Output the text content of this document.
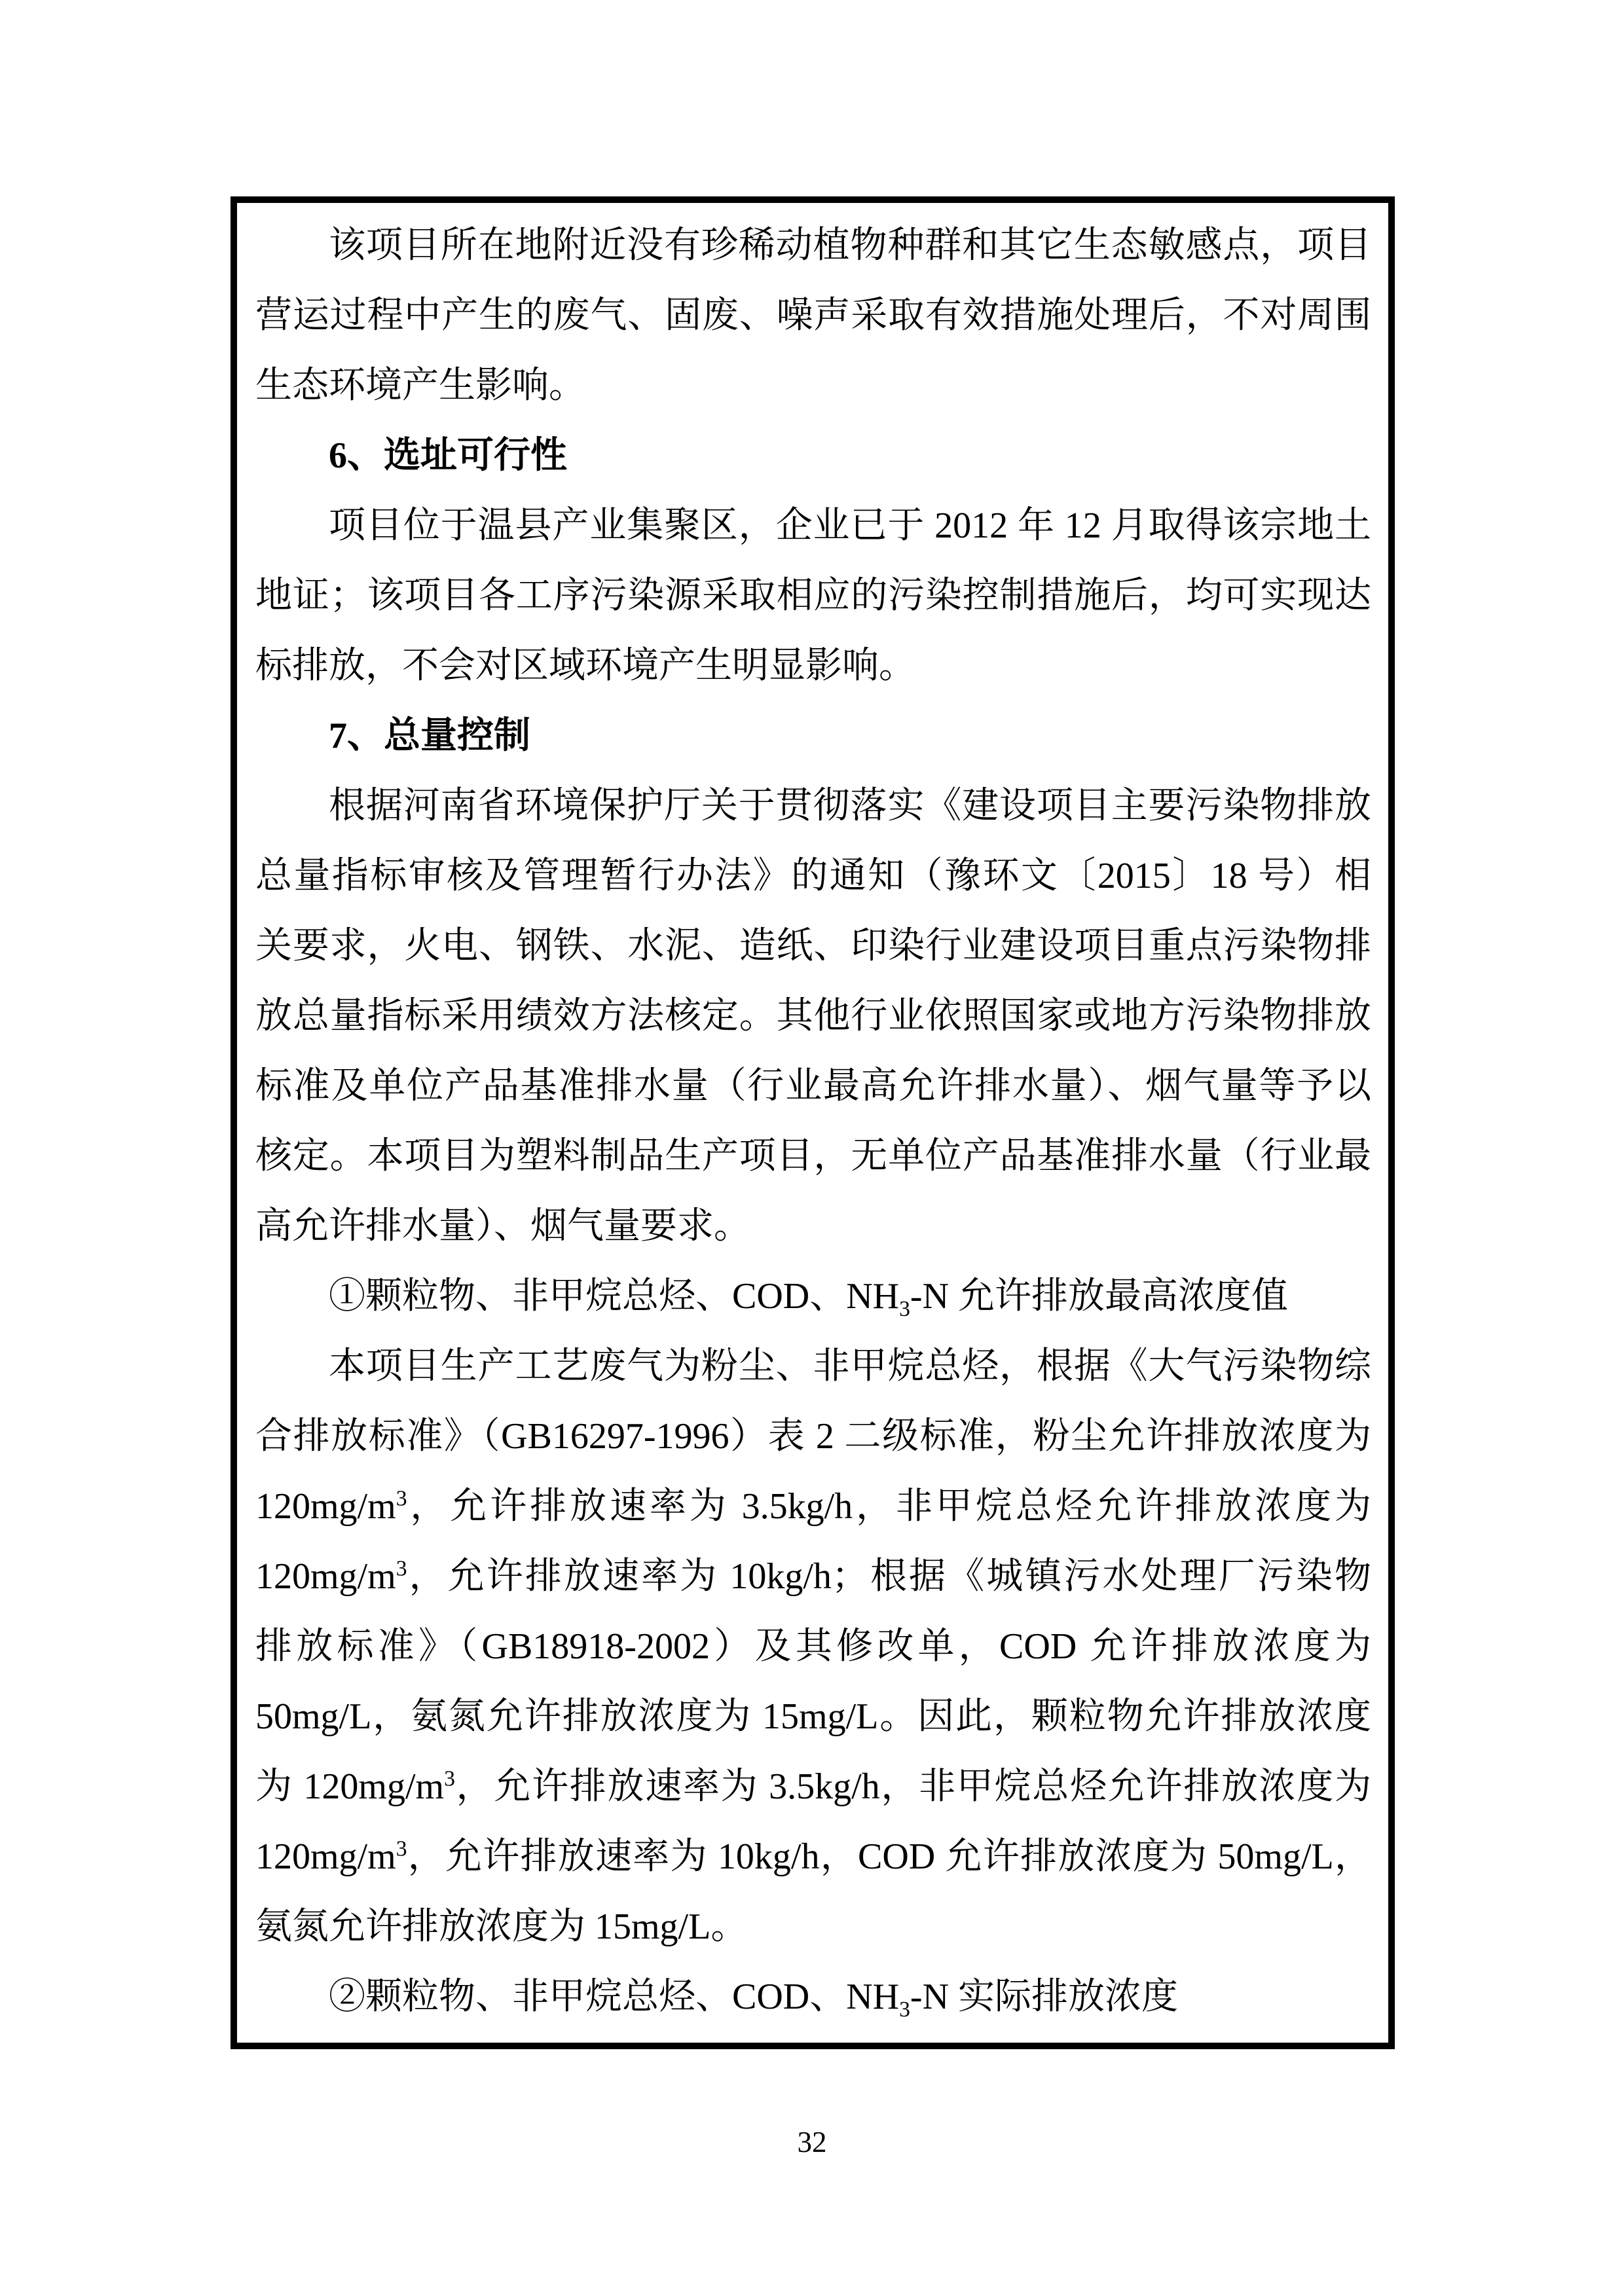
该项目所在地附近没有珍稀动植物种群和其它生态敏感点，项目
营运过程中产生的废气、固废、噪声采取有效措施处理后，不对周围
生态环境产生影响。
6、选址可行性
项目位于温县产业集聚区，企业已于 2012 年 12 月取得该宗地土
地证；该项目各工序污染源采取相应的污染控制措施后，均可实现达
标排放，不会对区域环境产生明显影响。
7、总量控制
根据河南省环境保护厅关于贯彻落实《建设项目主要污染物排放
总量指标审核及管理暂行办法》的通知（豫环文〔2015〕18 号）相
关要求，火电、钢铁、水泥、造纸、印染行业建设项目重点污染物排
放总量指标采用绩效方法核定。其他行业依照国家或地方污染物排放
标准及单位产品基准排水量（行业最高允许排水量）、烟气量等予以
核定。本项目为塑料制品生产项目，无单位产品基准排水量（行业最
高允许排水量）、烟气量要求。
①颗粒物、非甲烷总烃、COD、$NH_3-N$ 允许排放最高浓度值
本项目生产工艺废气为粉尘、非甲烷总烃，根据《大气污染物综
合排放标准》（GB16297-1996）表 2 二级标准，粉尘允许排放浓度为
$120mg/m^3$，允许排放速率为 3.5kg/h，非甲烷总烃允许排放浓度为
$120mg/m^3$，允许排放速率为 10kg/h；根据《城镇污水处理厂污染物
排放标准》（GB18918-2002）及其修改单，COD 允许排放浓度为
50mg/L，氨氮允许排放浓度为 15mg/L。因此，颗粒物允许排放浓度
为 $120mg/m^3$，允许排放速率为 3.5kg/h，非甲烷总烃允许排放浓度为
$120mg/m^3$，允许排放速率为 10kg/h，COD 允许排放浓度为 50mg/L，
氨氮允许排放浓度为 15mg/L。
②颗粒物、非甲烷总烃、COD、$NH_3-N$ 实际排放浓度
32
